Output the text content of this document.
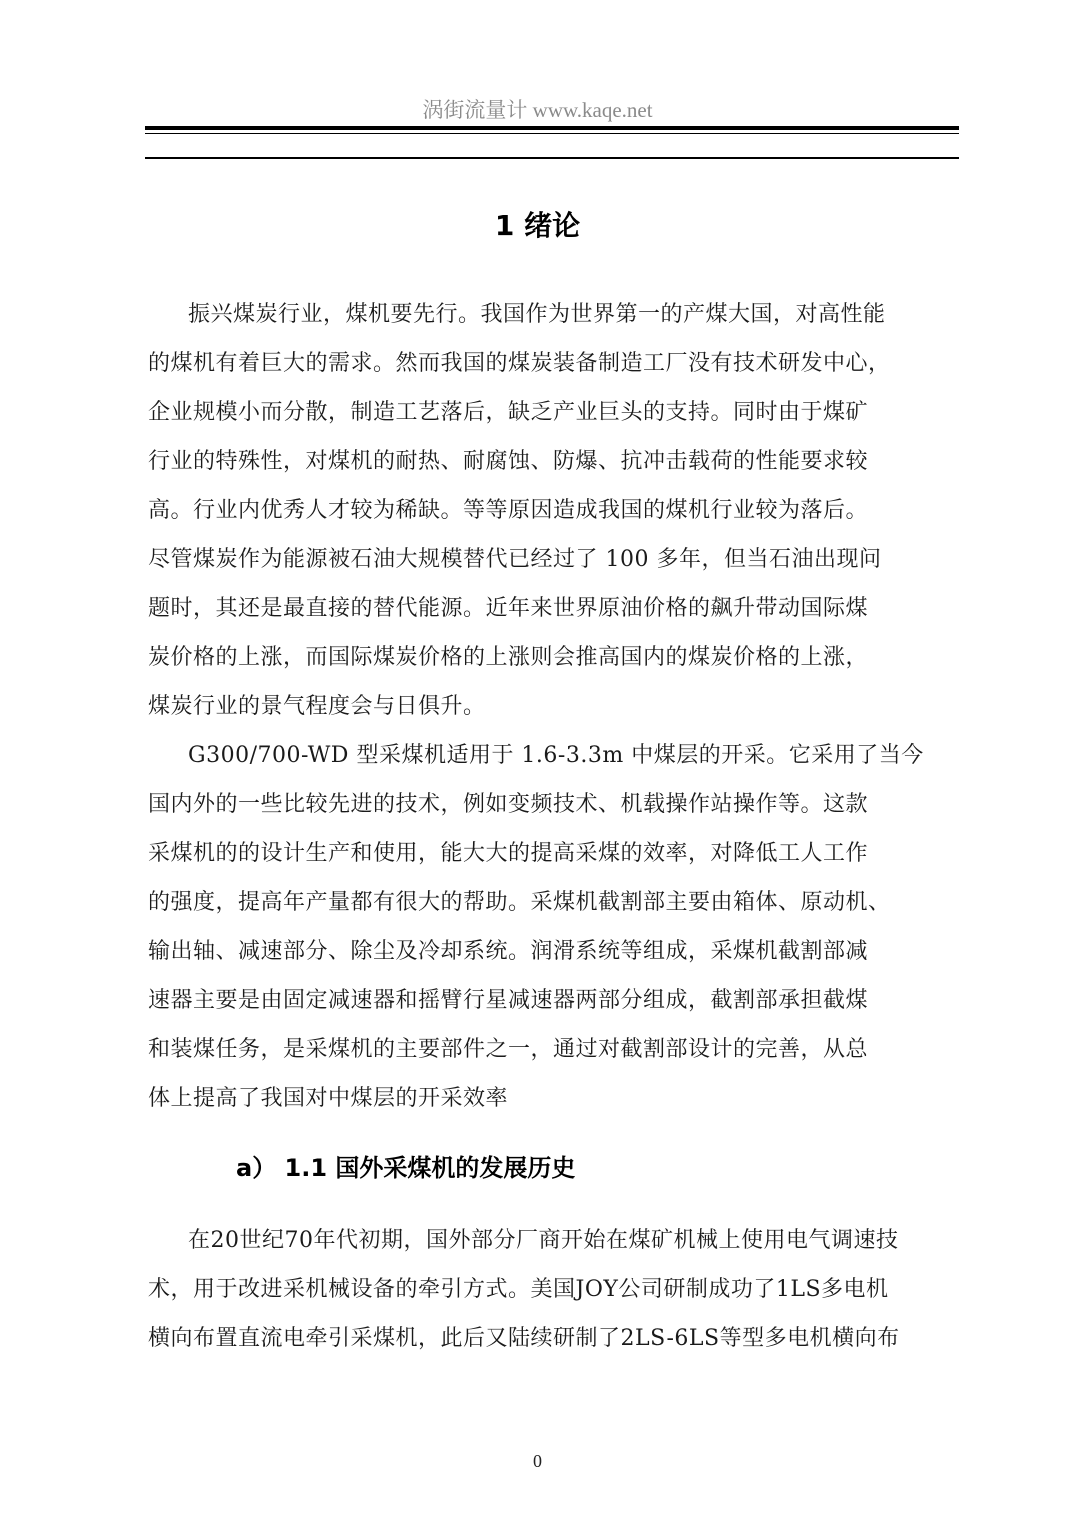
涡街流量计 www.kaqe.net
1 绪论
振兴煤炭行业，煤机要先行。我国作为世界第一的产煤大国，对高性能
的煤机有着巨大的需求。然而我国的煤炭装备制造工厂没有技术研发中心，
企业规模小而分散，制造工艺落后，缺乏产业巨头的支持。同时由于煤矿
行业的特殊性，对煤机的耐热、耐腐蚀、防爆、抗冲击载荷的性能要求较
高。行业内优秀人才较为稀缺。等等原因造成我国的煤机行业较为落后。
尽管煤炭作为能源被石油大规模替代已经过了 100 多年，但当石油出现问
题时，其还是最直接的替代能源。近年来世界原油价格的飙升带动国际煤
炭价格的上涨，而国际煤炭价格的上涨则会推高国内的煤炭价格的上涨，
煤炭行业的景气程度会与日俱升。
G300/700-WD 型采煤机适用于 1.6-3.3m 中煤层的开采。它采用了当今
国内外的一些比较先进的技术，例如变频技术、机载操作站操作等。这款
采煤机的的设计生产和使用，能大大的提高采煤的效率，对降低工人工作
的强度，提高年产量都有很大的帮助。采煤机截割部主要由箱体、原动机、
输出轴、减速部分、除尘及冷却系统。润滑系统等组成，采煤机截割部减
速器主要是由固定减速器和摇臂行星减速器两部分组成，截割部承担截煤
和装煤任务，是采煤机的主要部件之一，通过对截割部设计的完善，从总
体上提高了我国对中煤层的开采效率
a） 1.1 国外采煤机的发展历史
在20世纪70年代初期，国外部分厂商开始在煤矿机械上使用电气调速技
术，用于改进采机械设备的牵引方式。美国JOY公司研制成功了1LS多电机
横向布置直流电牵引采煤机，此后又陆续研制了2LS-6LS等型多电机横向布
0
